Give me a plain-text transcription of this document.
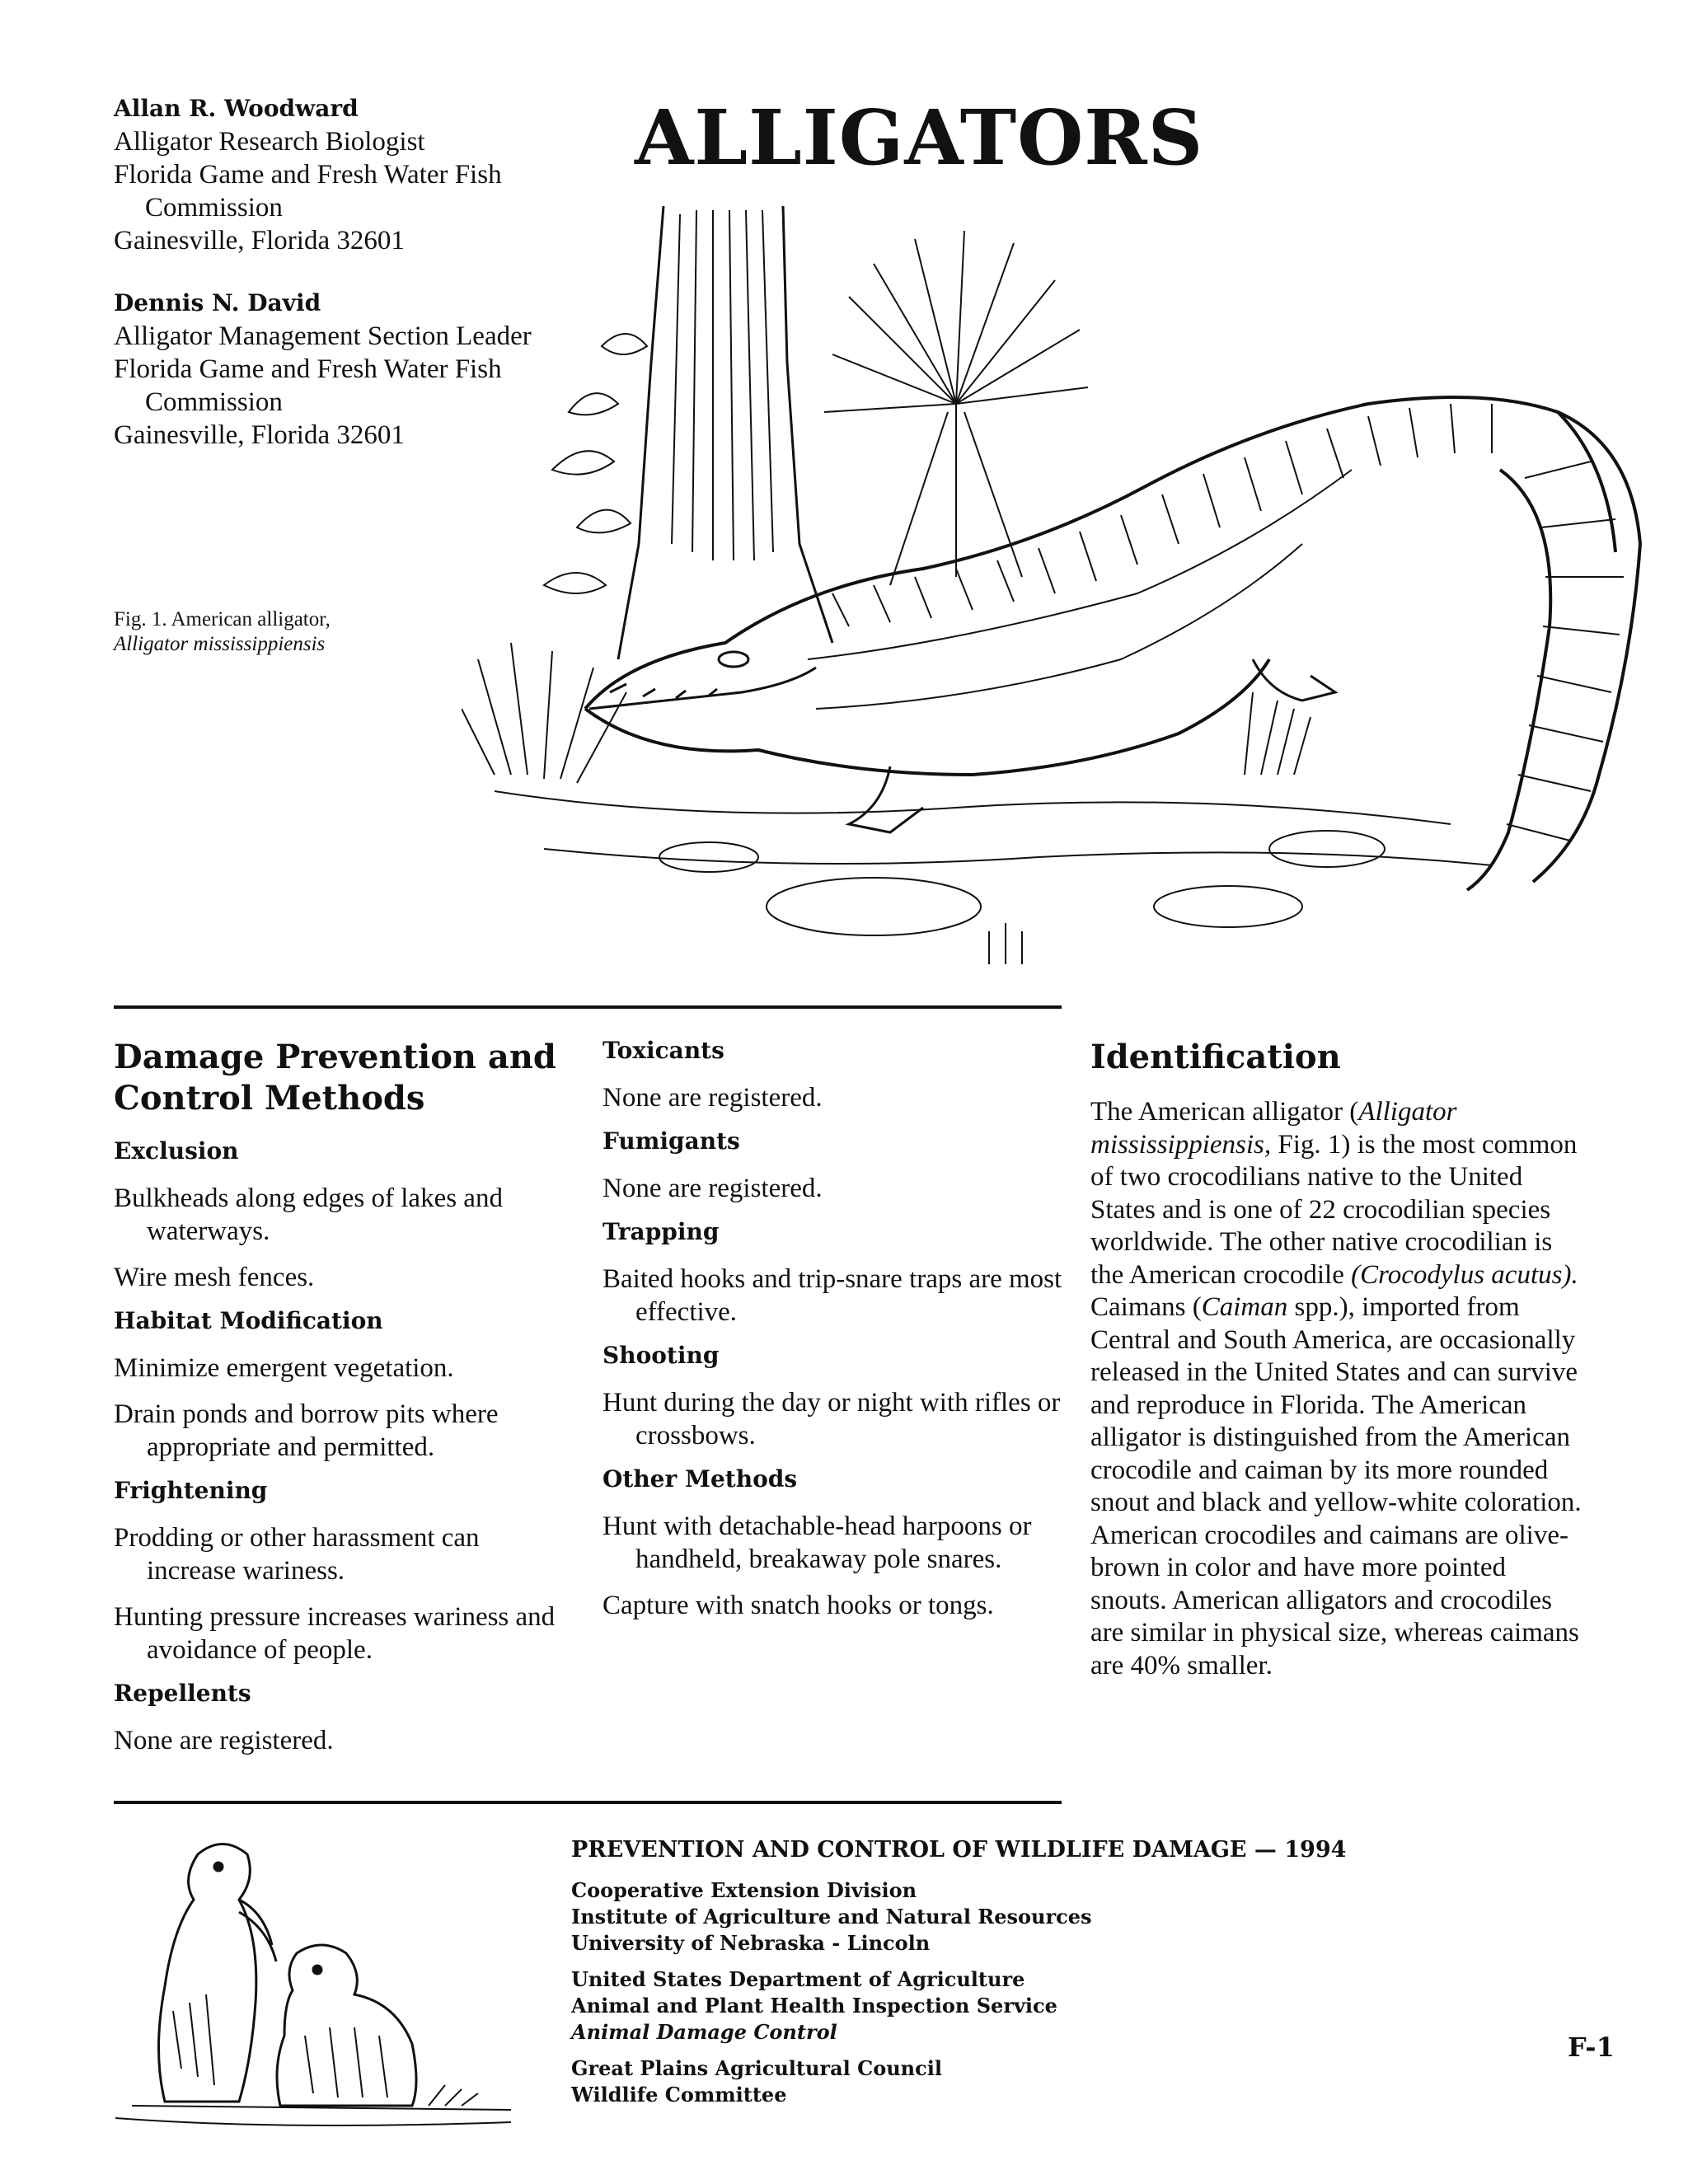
Allan R. Woodward
Alligator Research Biologist
Florida Game and Fresh Water Fish
Commission
Gainesville, Florida 32601
Dennis N. David
Alligator Management Section Leader
Florida Game and Fresh Water Fish
Commission
Gainesville, Florida 32601
ALLIGATORS
Fig. 1. American alligator,
Alligator mississippiensis
Damage Prevention and Control Methods
Exclusion

Bulkheads along edges of lakes and waterways.

Wire mesh fences.

Habitat Modification

Minimize emergent vegetation.

Drain ponds and borrow pits where appropriate and permitted.

Frightening

Prodding or other harassment can increase wariness.

Hunting pressure increases wariness and avoidance of people.

Repellents

None are registered.

Toxicants

None are registered.

Fumigants

None are registered.

Trapping

Baited hooks and trip-snare traps are most effective.

Shooting

Hunt during the day or night with rifles or crossbows.

Other Methods

Hunt with detachable-head harpoons or handheld, breakaway pole snares.

Capture with snatch hooks or tongs.

Identification

The American alligator (Alligator mississippiensis, Fig. 1) is the most common of two crocodilians native to the United States and is one of 22 crocodilian species worldwide. The other native crocodilian is the American crocodile (Crocodylus acutus). Caimans (Caiman spp.), imported from Central and South America, are occasionally released in the United States and can survive and reproduce in Florida. The American alligator is distinguished from the American crocodile and caiman by its more rounded snout and black and yellow-white coloration. American crocodiles and caimans are olive-brown in color and have more pointed snouts. American alligators and crocodiles are similar in physical size, whereas caimans are 40% smaller.

PREVENTION AND CONTROL OF WILDLIFE DAMAGE — 1994
Cooperative Extension Division
Institute of Agriculture and Natural Resources
University of Nebraska - Lincoln
United States Department of Agriculture
Animal and Plant Health Inspection Service
Animal Damage Control
Great Plains Agricultural Council
Wildlife Committee
F-1
